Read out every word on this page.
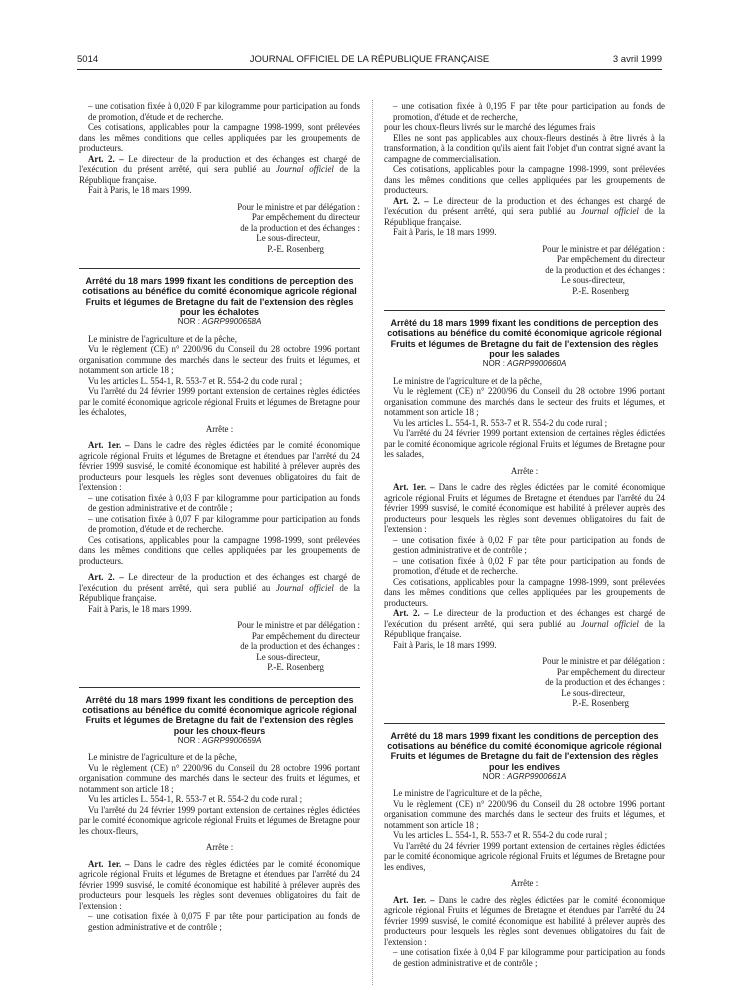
5014	JOURNAL OFFICIEL DE LA RÉPUBLIQUE FRANÇAISE	3 avril 1999

– une cotisation fixée à 0,020 F par kilogramme pour participation au fonds de promotion, d'étude et de recherche.

Ces cotisations, applicables pour la campagne 1998-1999, sont prélevées dans les mêmes conditions que celles appliquées par les groupements de producteurs.

Art. 2. – Le directeur de la production et des échanges est chargé de l'exécution du présent arrêté, qui sera publié au Journal officiel de la République française.

Fait à Paris, le 18 mars 1999.

Pour le ministre et par délégation :

Par empêchement du directeur

de la production et des échanges :

Le sous-directeur,

P.-E. Rosenberg

Arrêté du 18 mars 1999 fixant les conditions de perception des cotisations au bénéfice du comité économique agricole régional Fruits et légumes de Bretagne du fait de l'extension des règles pour les échalotes

NOR : AGRP9900658A

Le ministre de l'agriculture et de la pêche,

Vu le règlement (CE) n° 2200/96 du Conseil du 28 octobre 1996 portant organisation commune des marchés dans le secteur des fruits et légumes, et notamment son article 18 ;

Vu les articles L. 554-1, R. 553-7 et R. 554-2 du code rural ;

Vu l'arrêté du 24 février 1999 portant extension de certaines règles édictées par le comité économique agricole régional Fruits et légumes de Bretagne pour les échalotes,

Arrête :

Art. 1er. – Dans le cadre des règles édictées par le comité économique agricole régional Fruits et légumes de Bretagne et étendues par l'arrêté du 24 février 1999 susvisé, le comité économique est habilité à prélever auprès des producteurs pour lesquels les règles sont devenues obligatoires du fait de l'extension :

– une cotisation fixée à 0,03 F par kilogramme pour participation au fonds de gestion administrative et de contrôle ;

– une cotisation fixée à 0,07 F par kilogramme pour participation au fonds de promotion, d'étude et de recherche.

Ces cotisations, applicables pour la campagne 1998-1999, sont prélevées dans les mêmes conditions que celles appliquées par les groupements de producteurs.

Art. 2. – Le directeur de la production et des échanges est chargé de l'exécution du présent arrêté, qui sera publié au Journal officiel de la République française.

Fait à Paris, le 18 mars 1999.

Pour le ministre et par délégation :

Par empêchement du directeur

de la production et des échanges :

Le sous-directeur,

P.-E. Rosenberg

Arrêté du 18 mars 1999 fixant les conditions de perception des cotisations au bénéfice du comité économique agricole régional Fruits et légumes de Bretagne du fait de l'extension des règles pour les choux-fleurs

NOR : AGRP9900659A

Le ministre de l'agriculture et de la pêche,

Vu le règlement (CE) n° 2200/96 du Conseil du 28 octobre 1996 portant organisation commune des marchés dans le secteur des fruits et légumes, et notamment son article 18 ;

Vu les articles L. 554-1, R. 553-7 et R. 554-2 du code rural ;

Vu l'arrêté du 24 février 1999 portant extension de certaines règles édictées par le comité économique agricole régional Fruits et légumes de Bretagne pour les choux-fleurs,

Arrête :

Art. 1er. – Dans le cadre des règles édictées par le comité économique agricole régional Fruits et légumes de Bretagne et étendues par l'arrêté du 24 février 1999 susvisé, le comité économique est habilité à prélever auprès des producteurs pour lesquels les règles sont devenues obligatoires du fait de l'extension :

– une cotisation fixée à 0,075 F par tête pour participation au fonds de gestion administrative et de contrôle ;

– une cotisation fixée à 0,195 F par tête pour participation au fonds de promotion, d'étude et de recherche,

pour les choux-fleurs livrés sur le marché des légumes frais

Elles ne sont pas applicables aux choux-fleurs destinés à être livrés à la transformation, à la condition qu'ils aient fait l'objet d'un contrat signé avant la campagne de commercialisation.

Ces cotisations, applicables pour la campagne 1998-1999, sont prélevées dans les mêmes conditions que celles appliquées par les groupements de producteurs.

Art. 2. – Le directeur de la production et des échanges est chargé de l'exécution du présent arrêté, qui sera publié au Journal officiel de la République française.

Fait à Paris, le 18 mars 1999.

Pour le ministre et par délégation :

Par empêchement du directeur

de la production et des échanges :

Le sous-directeur,

P.-E. Rosenberg

Arrêté du 18 mars 1999 fixant les conditions de perception des cotisations au bénéfice du comité économique agricole régional Fruits et légumes de Bretagne du fait de l'extension des règles pour les salades

NOR : AGRP9900660A

Le ministre de l'agriculture et de la pêche,

Vu le règlement (CE) n° 2200/96 du Conseil du 28 octobre 1996 portant organisation commune des marchés dans le secteur des fruits et légumes, et notamment son article 18 ;

Vu les articles L. 554-1, R. 553-7 et R. 554-2 du code rural ;

Vu l'arrêté du 24 février 1999 portant extension de certaines règles édictées par le comité économique agricole régional Fruits et légumes de Bretagne pour les salades,

Arrête :

Art. 1er. – Dans le cadre des règles édictées par le comité économique agricole régional Fruits et légumes de Bretagne et étendues par l'arrêté du 24 février 1999 susvisé, le comité économique est habilité à prélever auprès des producteurs pour lesquels les règles sont devenues obligatoires du fait de l'extension :

– une cotisation fixée à 0,02 F par tête pour participation au fonds de gestion administrative et de contrôle ;

– une cotisation fixée à 0,02 F par tête pour participation au fonds de promotion, d'étude et de recherche.

Ces cotisations, applicables pour la campagne 1998-1999, sont prélevées dans les mêmes conditions que celles appliquées par les groupements de producteurs.

Art. 2. – Le directeur de la production et des échanges est chargé de l'exécution du présent arrêté, qui sera publié au Journal officiel de la République française.

Fait à Paris, le 18 mars 1999.

Pour le ministre et par délégation :

Par empêchement du directeur

de la production et des échanges :

Le sous-directeur,

P.-E. Rosenberg

Arrêté du 18 mars 1999 fixant les conditions de perception des cotisations au bénéfice du comité économique agricole régional Fruits et légumes de Bretagne du fait de l'extension des règles pour les endives

NOR : AGRP9900661A

Le ministre de l'agriculture et de la pêche,

Vu le règlement (CE) n° 2200/96 du Conseil du 28 octobre 1996 portant organisation commune des marchés dans le secteur des fruits et légumes, et notamment son article 18 ;

Vu les articles L. 554-1, R. 553-7 et R. 554-2 du code rural ;

Vu l'arrêté du 24 février 1999 portant extension de certaines règles édictées par le comité économique agricole régional Fruits et légumes de Bretagne pour les endives,

Arrête :

Art. 1er. – Dans le cadre des règles édictées par le comité économique agricole régional Fruits et légumes de Bretagne et étendues par l'arrêté du 24 février 1999 susvisé, le comité économique est habilité à prélever auprès des producteurs pour lesquels les règles sont devenues obligatoires du fait de l'extension :

– une cotisation fixée à 0,04 F par kilogramme pour participation au fonds de gestion administrative et de contrôle ;
